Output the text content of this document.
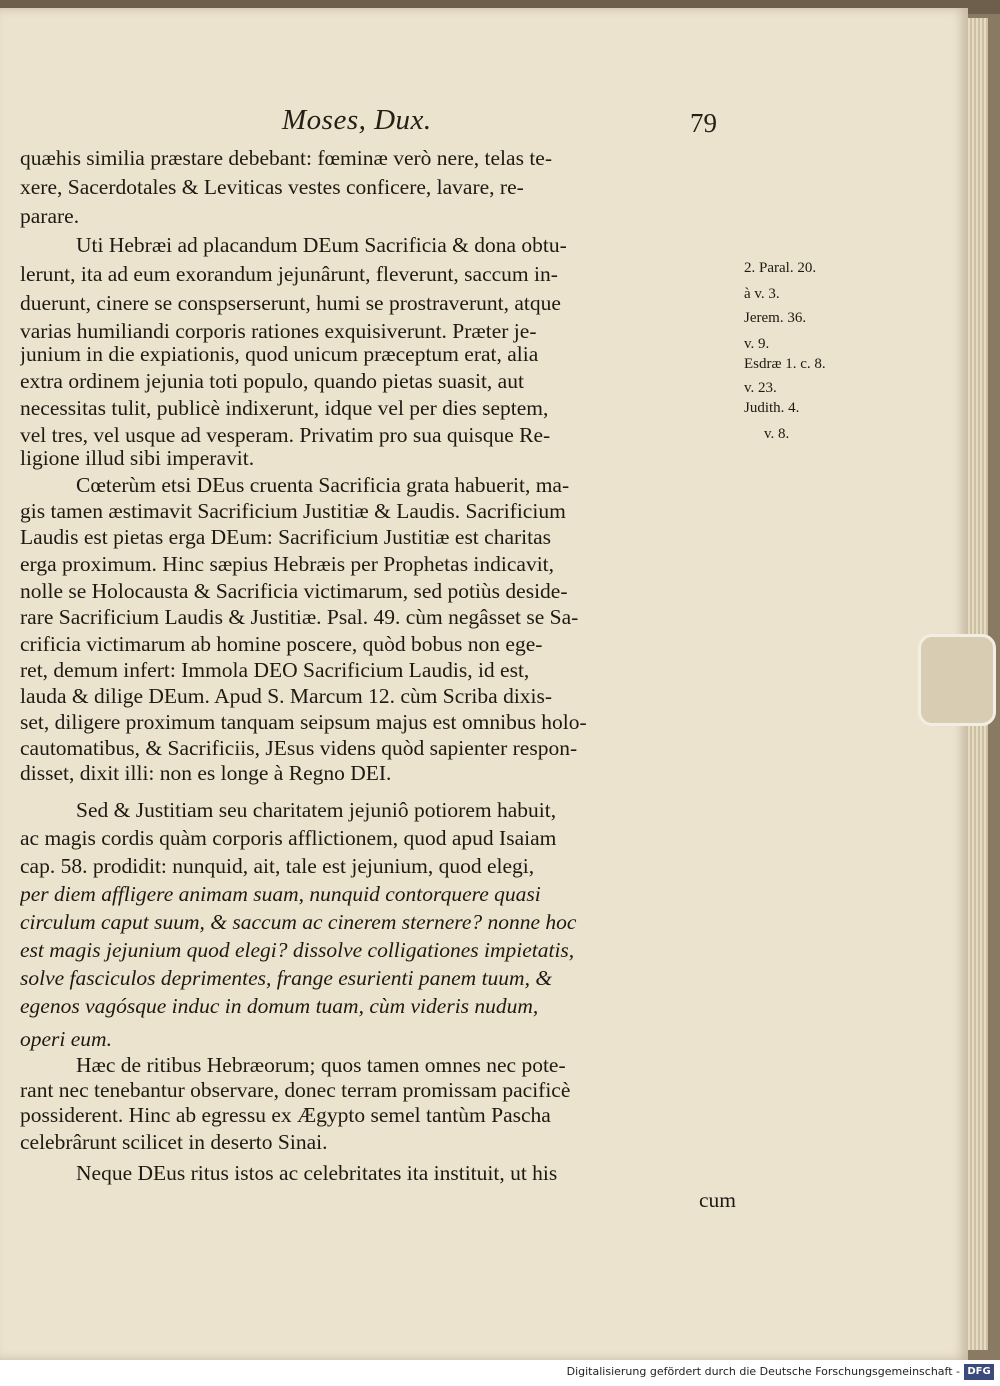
Moses, Dux.	79
quæhis similia præstare debebant: fœminæ verò nere, telas te-
xere, Sacerdotales & Leviticas vestes conficere, lavare, re-
parare.
Uti Hebræi ad placandum DEum Sacrificia & dona obtu-
lerunt, ita ad eum exorandum jejunârunt, fleverunt, saccum in-
duerunt, cinere se conspserserunt, humi se prostraverunt, atque
varias humiliandi corporis rationes exquisiverunt. Præter je-
junium in die expiationis, quod unicum præceptum erat, alia
extra ordinem jejunia toti populo, quando pietas suasit, aut
necessitas tulit, publicè indixerunt, idque vel per dies septem,
vel tres, vel usque ad vesperam. Privatim pro sua quisque Re-
ligione illud sibi imperavit.
Cœterùm etsi DEus cruenta Sacrificia grata habuerit, ma-
gis tamen æstimavit Sacrificium Justitiæ & Laudis. Sacrificium
Laudis est pietas erga DEum: Sacrificium Justitiæ est charitas
erga proximum. Hinc sæpius Hebræis per Prophetas indicavit,
nolle se Holocausta & Sacrificia victimarum, sed potiùs deside-
rare Sacrificium Laudis & Justitiæ. Psal. 49. cùm negâsset se Sa-
crificia victimarum ab homine poscere, quòd bobus non ege-
ret, demum infert: Immola DEO Sacrificium Laudis, id est,
lauda & dilige DEum. Apud S. Marcum 12. cùm Scriba dixis-
set, diligere proximum tanquam seipsum majus est omnibus holo-
cautomatibus, & Sacrificiis, JEsus videns quòd sapienter respon-
disset, dixit illi: non es longe à Regno DEI.
Sed & Justitiam seu charitatem jejuniô potiorem habuit,
ac magis cordis quàm corporis afflictionem, quod apud Isaiam
cap. 58. prodidit: nunquid, ait, tale est jejunium, quod elegi,
per diem affligere animam suam, nunquid contorquere quasi
circulum caput suum, & saccum ac cinerem sternere? nonne hoc
est magis jejunium quod elegi? dissolve colligationes impietatis,
solve fasciculos deprimentes, frange esurienti panem tuum, &
egenos vagósque induc in domum tuam, cùm videris nudum,
operi eum.
Hæc de ritibus Hebræorum; quos tamen omnes nec pote-
rant nec tenebantur observare, donec terram promissam pacificè
possiderent. Hinc ab egressu ex Ægypto semel tantùm Pascha
celebrârunt scilicet in deserto Sinai.
Neque DEus ritus istos ac celebritates ita instituit, ut his
cum
2. Paral. 20.
à v. 3.
Jerem. 36.
v. 9.
Esdræ 1. c. 8.
v. 23.
Judith. 4.
v. 8.
Digitalisierung gefördert durch die Deutsche Forschungsgemeinschaft - DFG
